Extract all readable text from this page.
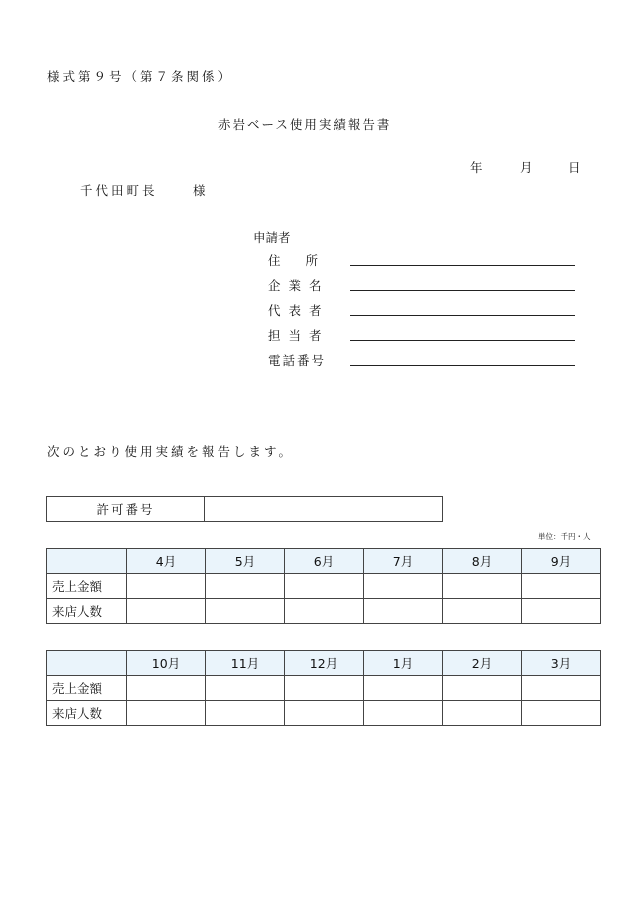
様式第９号（第７条関係）
赤岩ベース使用実績報告書
年	月	日
千代田町長	様
申請者
住　　所
企業名
代表者
担当者
電話番号
次のとおり使用実績を報告します。
許可番号	
単位：千円・人
	4月	5月	6月	7月	8月	9月
売上金額						
来店人数						
	10月	11月	12月	1月	2月	3月
売上金額						
来店人数						
